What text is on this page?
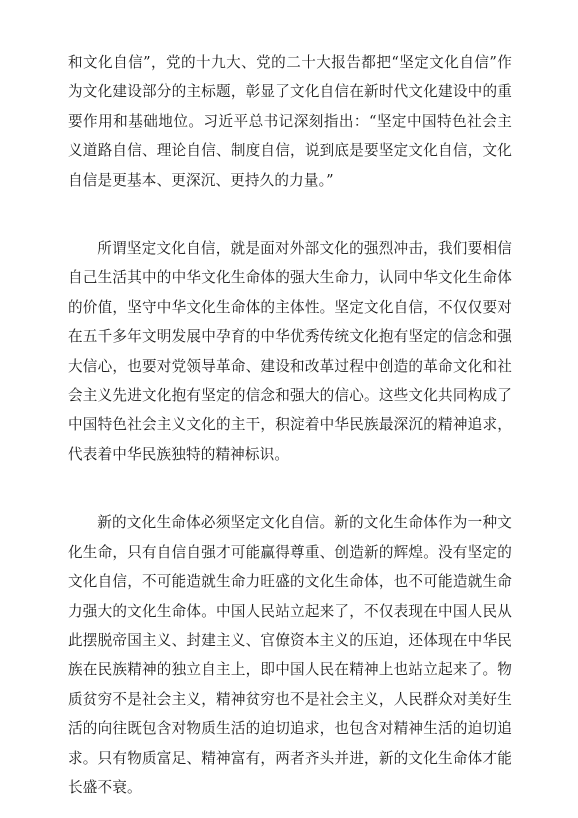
和文化自信”，党的十九大、党的二十大报告都把“坚定文化自信”作为文化建设部分的主标题，彰显了文化自信在新时代文化建设中的重要作用和基础地位。习近平总书记深刻指出：“坚定中国特色社会主义道路自信、理论自信、制度自信，说到底是要坚定文化自信，文化自信是更基本、更深沉、更持久的力量。”

所谓坚定文化自信，就是面对外部文化的强烈冲击，我们要相信自己生活其中的中华文化生命体的强大生命力，认同中华文化生命体的价值，坚守中华文化生命体的主体性。坚定文化自信，不仅仅要对在五千多年文明发展中孕育的中华优秀传统文化抱有坚定的信念和强大信心，也要对党领导革命、建设和改革过程中创造的革命文化和社会主义先进文化抱有坚定的信念和强大的信心。这些文化共同构成了中国特色社会主义文化的主干，积淀着中华民族最深沉的精神追求，代表着中华民族独特的精神标识。

新的文化生命体必须坚定文化自信。新的文化生命体作为一种文化生命，只有自信自强才可能赢得尊重、创造新的辉煌。没有坚定的文化自信，不可能造就生命力旺盛的文化生命体，也不可能造就生命力强大的文化生命体。中国人民站立起来了，不仅表现在中国人民从此摆脱帝国主义、封建主义、官僚资本主义的压迫，还体现在中华民族在民族精神的独立自主上，即中国人民在精神上也站立起来了。物质贫穷不是社会主义，精神贫穷也不是社会主义，人民群众对美好生活的向往既包含对物质生活的迫切追求，也包含对精神生活的迫切追求。只有物质富足、精神富有，两者齐头并进，新的文化生命体才能长盛不衰。
